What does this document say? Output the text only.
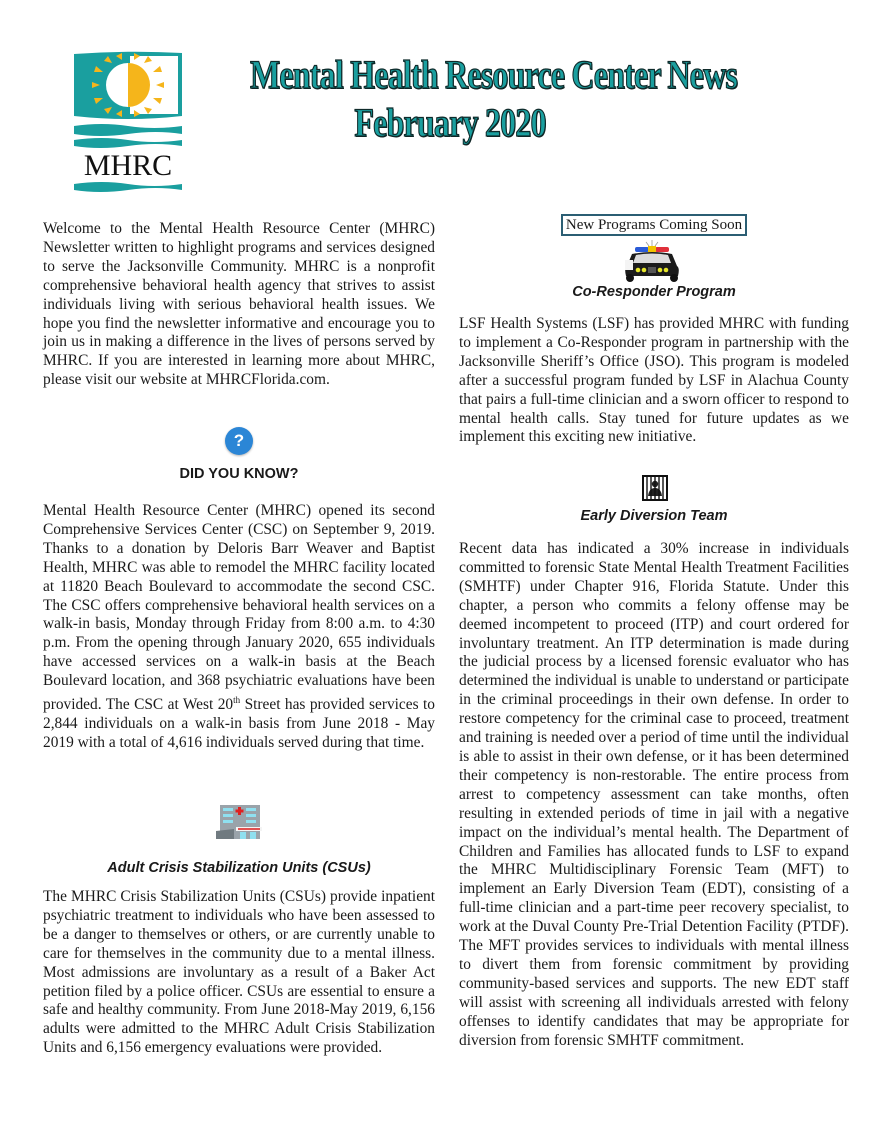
MHRC
Mental Health Resource Center News
February 2020

Welcome to the Mental Health Resource Center (MHRC) Newsletter written to highlight programs and services designed to serve the Jacksonville Community. MHRC is a nonprofit comprehensive behavioral health agency that strives to assist individuals living with serious behavioral health issues. We hope you find the newsletter informative and encourage you to join us in making a difference in the lives of persons served by MHRC. If you are interested in learning more about MHRC, please visit our website at MHRCFlorida.com.

?
DID YOU KNOW?

Mental Health Resource Center (MHRC) opened its second Comprehensive Services Center (CSC) on September 9, 2019. Thanks to a donation by Deloris Barr Weaver and Baptist Health, MHRC was able to remodel the MHRC facility located at 11820 Beach Boulevard to accommodate the second CSC. The CSC offers comprehensive behavioral health services on a walk-in basis, Monday through Friday from 8:00 a.m. to 4:30 p.m. From the opening through January 2020, 655 individuals have accessed services on a walk-in basis at the Beach Boulevard location, and 368 psychiatric evaluations have been provided. The CSC at West 20th Street has provided services to 2,844 individuals on a walk-in basis from June 2018 - May 2019 with a total of 4,616 individuals served during that time.

Adult Crisis Stabilization Units (CSUs)

The MHRC Crisis Stabilization Units (CSUs) provide inpatient psychiatric treatment to individuals who have been assessed to be a danger to themselves or others, or are currently unable to care for themselves in the community due to a mental illness. Most admissions are involuntary as a result of a Baker Act petition filed by a police officer. CSUs are essential to ensure a safe and healthy community. From June 2018-May 2019, 6,156 adults were admitted to the MHRC Adult Crisis Stabilization Units and 6,156 emergency evaluations were provided.

New Programs Coming Soon
Co-Responder Program

LSF Health Systems (LSF) has provided MHRC with funding to implement a Co-Responder program in partnership with the Jacksonville Sheriff’s Office (JSO). This program is modeled after a successful program funded by LSF in Alachua County that pairs a full-time clinician and a sworn officer to respond to mental health calls. Stay tuned for future updates as we implement this exciting new initiative.

Early Diversion Team

Recent data has indicated a 30% increase in individuals committed to forensic State Mental Health Treatment Facilities (SMHTF) under Chapter 916, Florida Statute. Under this chapter, a person who commits a felony offense may be deemed incompetent to proceed (ITP) and court ordered for involuntary treatment. An ITP determination is made during the judicial process by a licensed forensic evaluator who has determined the individual is unable to understand or participate in the criminal proceedings in their own defense. In order to restore competency for the criminal case to proceed, treatment and training is needed over a period of time until the individual is able to assist in their own defense, or it has been determined their competency is non-restorable. The entire process from arrest to competency assessment can take months, often resulting in extended periods of time in jail with a negative impact on the individual’s mental health. The Department of Children and Families has allocated funds to LSF to expand the MHRC Multidisciplinary Forensic Team (MFT) to implement an Early Diversion Team (EDT), consisting of a full-time clinician and a part-time peer recovery specialist, to work at the Duval County Pre-Trial Detention Facility (PTDF). The MFT provides services to individuals with mental illness to divert them from forensic commitment by providing community-based services and supports. The new EDT staff will assist with screening all individuals arrested with felony offenses to identify candidates that may be appropriate for diversion from forensic SMHTF commitment.
